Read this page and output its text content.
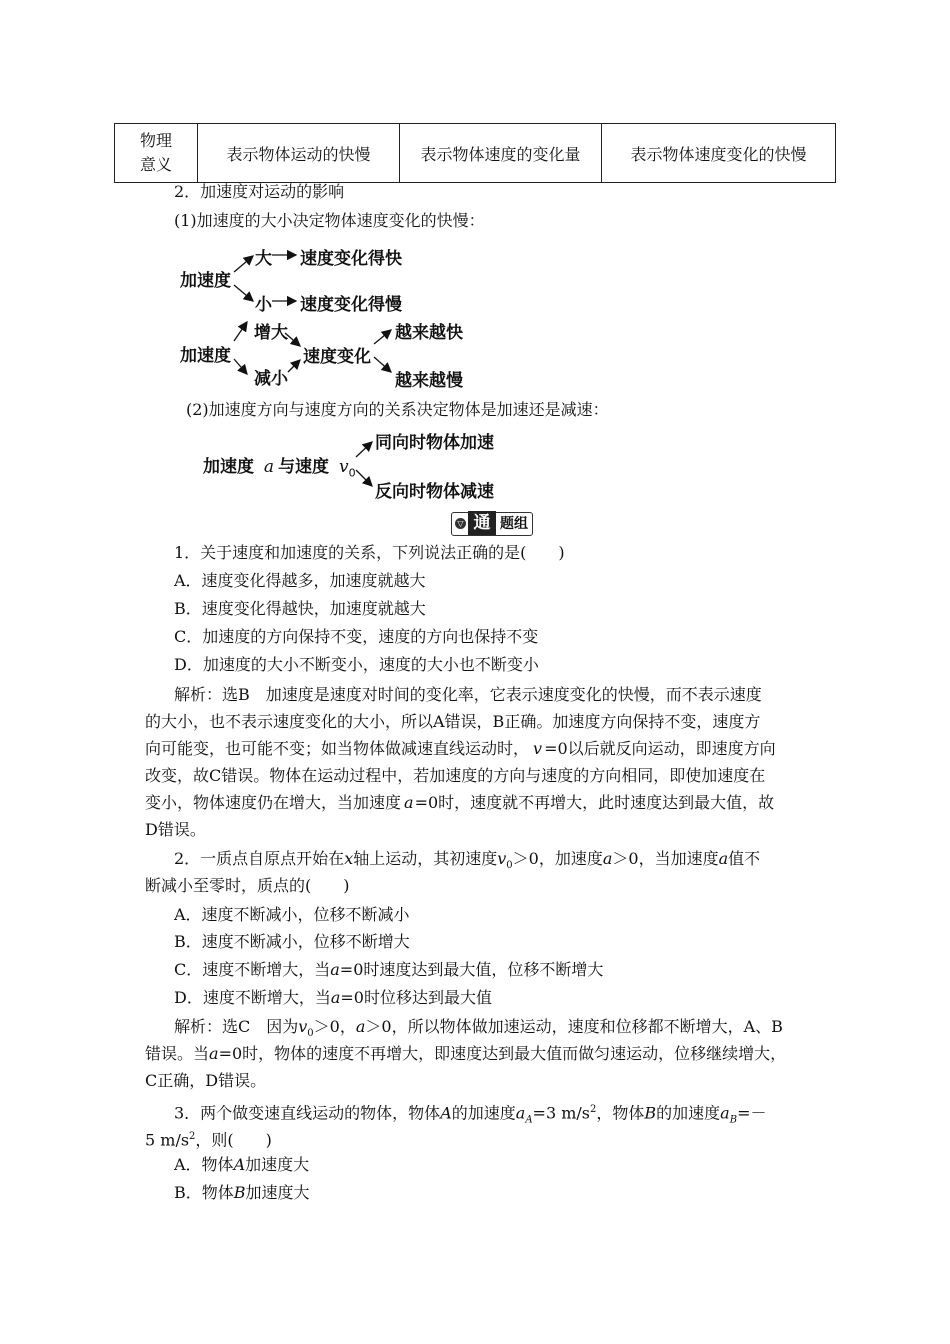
物理
意义	表示物体运动的快慢	表示物体速度的变化量	表示物体速度变化的快慢
2．加速度对运动的影响
(1)加速度的大小决定物体速度变化的快慢：
加速度
大 速度变化得快
小 速度变化得慢
加速度
增大
减小
速度变化
越来越快
越来越慢
(2)加速度方向与速度方向的关系决定物体是加速还是减速：
加速度 a 与速度 $v_0$
同向时物体加速
反向时物体减速
▽ 通 题组
1．关于速度和加速度的关系，下列说法正确的是(　　)
A．速度变化得越多，加速度就越大
B．速度变化得越快，加速度就越大
C．加速度的方向保持不变，速度的方向也保持不变
D．加速度的大小不断变小，速度的大小也不断变小
解析：选B　加速度是速度对时间的变化率，它表示速度变化的快慢，而不表示速度
的大小，也不表示速度变化的大小，所以A错误，B正确。加速度方向保持不变，速度方
向可能变，也可能不变；如当物体做减速直线运动时， v =0以后就反向运动，即速度方向
改变，故C错误。物体在运动过程中，若加速度的方向与速度的方向相同，即使加速度在
变小，物体速度仍在增大，当加速度 a=0时，速度就不再增大，此时速度达到最大值，故
D错误。
2．一质点自原点开始在x轴上运动，其初速度$v_0>0$，加速度a＞0，当加速度a值不
断减小至零时，质点的(　　)
A．速度不断减小，位移不断减小
B．速度不断减小，位移不断增大
C．速度不断增大，当a=0时速度达到最大值，位移不断增大
D．速度不断增大，当a=0时位移达到最大值
解析：选C　因为$v_0>0$，a＞0，所以物体做加速运动，速度和位移都不断增大，A、B
错误。当a=0时，物体的速度不再增大，即速度达到最大值而做匀速运动，位移继续增大，
C正确，D错误。
3．两个做变速直线运动的物体，物体A的加速度$a_A=3$ $m/s^2$，物体B的加速度$a_B=-$
5 $m/s^2$，则(　　)
A．物体A加速度大
B．物体B加速度大
